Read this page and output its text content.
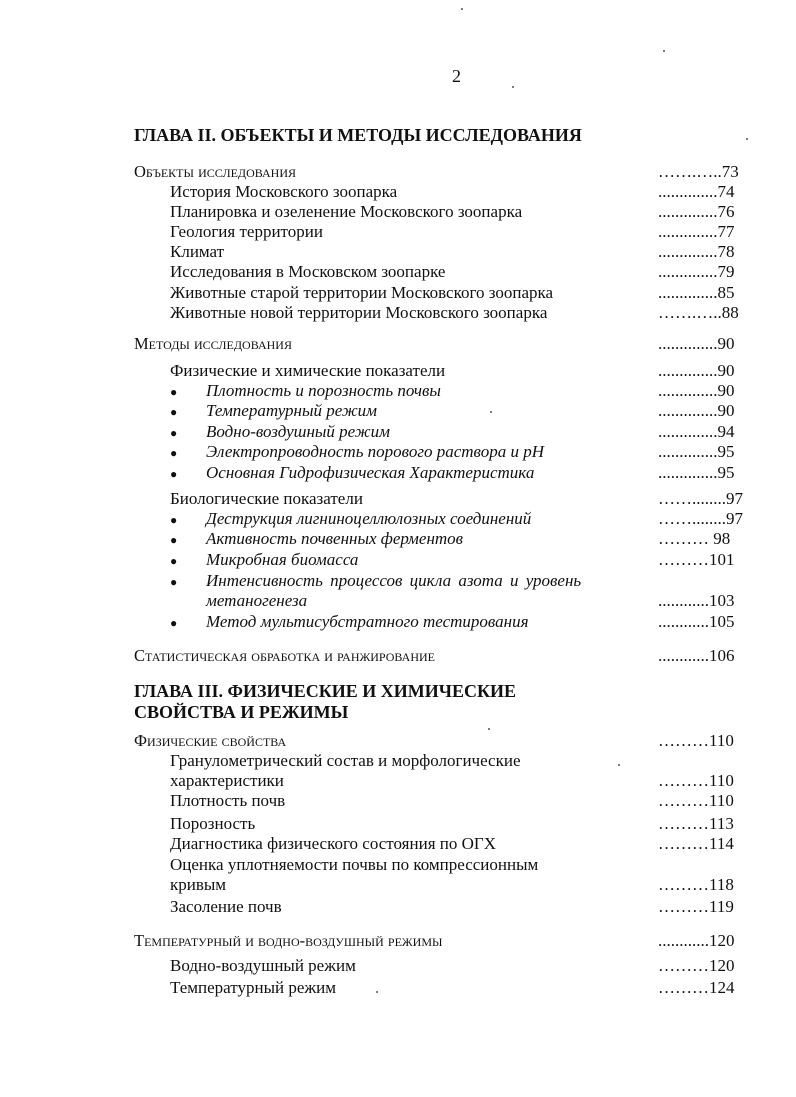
2
ГЛАВА II. ОБЪЕКТЫ И МЕТОДЫ ИССЛЕДОВАНИЯ
Объекты исследования	…….…..73
История Московского зоопарка	..............74
Планировка и озеленение Московского зоопарка	..............76
Геология территории	..............77
Климат	..............78
Исследования в Московском зоопарке	..............79
Животные старой территории Московского зоопарка	..............85
Животные новой территории Московского зоопарка	…….…..88
Методы исследования	..............90
Физические и химические показатели	..............90
● Плотность и порозность почвы	..............90
● Температурный режим	..............90
● Водно-воздушный режим	..............94
● Электропроводность порового раствора и pH	..............95
● Основная Гидрофизическая Характеристика	..............95
Биологические показатели	……........97
● Деструкция лигниноцеллюлозных соединений	……........97
● Активность почвенных ферментов	……… 98
● Микробная биомасса	………101
● Интенсивность процессов цикла азота и уровень
метаногенеза	............103
● Метод мультисубстратного тестирования	............105
Статистическая обработка и ранжирование	............106
ГЛАВА III. ФИЗИЧЕСКИЕ И ХИМИЧЕСКИЕ
СВОЙСТВА И РЕЖИМЫ
Физические свойства	………110
Гранулометрический состав и морфологические
характеристики	………110
Плотность почв	………110
Порозность	………113
Диагностика физического состояния по ОГХ	………114
Оценка уплотняемости почвы по компрессионным
кривым	………118
Засоление почв	………119
Температурный и водно-воздушный режимы	............120
Водно-воздушный режим	………120
Температурный режим	………124
